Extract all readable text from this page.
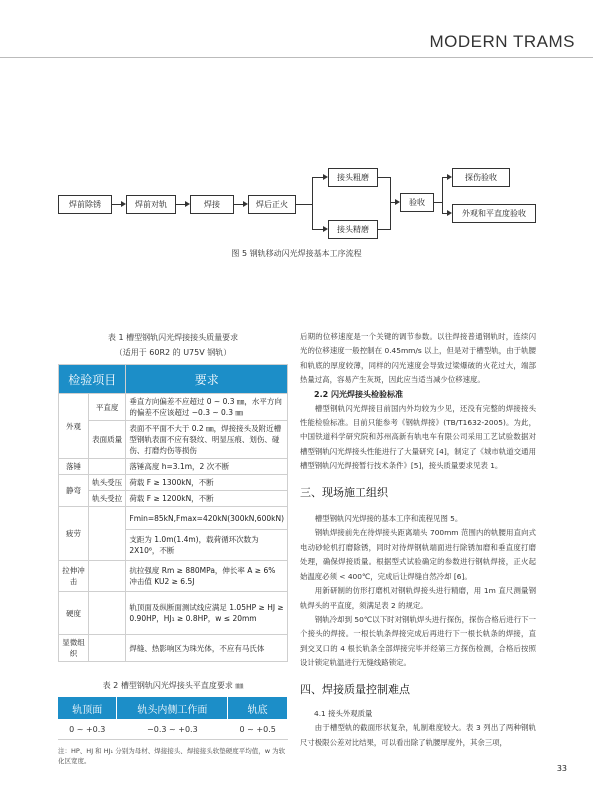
MODERN TRAMS
焊前除锈	焊前对轨	焊接	焊后正火
接头粗磨
接头精磨
验收
探伤验收
外观和平直度验收
图 5 钢轨移动闪光焊接基本工序流程
表 1 槽型钢轨闪光焊接接头质量要求
（适用于 60R2 的 U75V 钢轨）
检验项目		要求
外观	平直度	垂直方向偏差不应超过 0 ~ 0.3 ㎜，水平方向的偏差不应该超过 −0.3 ~ 0.3 ㎜
	表面质量	表面不平面不大于 0.2 ㎜，焊接接头及附近槽型钢轨表面不应有裂纹、明显压痕、划伤、碰伤、打磨灼伤等损伤
落锤		落锤高度 h=3.1m，2 次不断
静弯	轨头受压	荷载 F ≥ 1300kN，不断
	轨头受拉	荷载 F ≥ 1200kN，不断
疲劳		Fmin=85kN,Fmax=420kN(300kN,600kN)
		支距为 1.0m(1.4m)，载荷循环次数为 2X10⁶，不断
拉伸冲击		抗拉强度 Rm ≥ 880MPa，伸长率 A ≥ 6% 冲击值 KU2 ≥ 6.5J
硬度		轨顶面及纵断面测试线应满足 1.05HP ≥ HJ ≥ 0.90HP，HJ₁ ≥ 0.8HP，w ≤ 20mm
显微组织		焊缝、热影响区为珠光体，不应有马氏体
表 2 槽型钢轨闪光焊接头平直度要求 ㎜
轨顶面	轨头内侧工作面	轨底
0 ~ +0.3	−0.3 ~ +0.3	0 ~ +0.5
注：HP、HJ 和 HJ₁ 分别为母材、焊接接头、焊接接头软垫硬度平均值，w 为软化区宽度。

后期的位移速度是一个关键的调节参数。以往焊接普通钢轨时，连续闪光的位移速度一般控制在 0.45mm/s 以上，但是对于槽型轨，由于轨腰和轨底的厚度较薄，同样的闪光速度会导致过梁爆破的火花过大，端部热量过高，容易产生灰斑，因此应当适当减少位移速度。

2.2 闪光焊接头检验标准

槽型钢轨闪光焊接目前国内外均较为少见，还没有完整的焊接接头性能检验标准。目前只能参考《钢轨焊接》(TB/T1632-2005)。为此，中国铁道科学研究院和苏州高新有轨电车有限公司采用工艺试验数据对槽型钢轨闪光焊接头性能进行了大量研究 [4]，制定了《城市轨道交通用槽型钢轨闪光焊接暂行技术条件》[5]，接头质量要求见表 1。

三、现场施工组织

槽型钢轨闪光焊接的基本工序和流程见图 5。

钢轨焊接前先在待焊接头距离端头 700mm 范围内的轨腰用直向式电动砂轮机打磨除锈，同时对待焊钢轨端面进行除锈加磨和垂直度打磨处理，确保焊接质量。根据型式试验确定的参数进行钢轨焊接，正火起始温度必须 < 400℃，完成后让焊缝自然冷却 [6]。

用新研制的仿形打磨机对钢轨焊接头进行精磨，用 1m 直尺测量钢轨焊头的平直度，须满足表 2 的规定。

钢轨冷却到 50℃以下时对钢轨焊头进行探伤，探伤合格后进行下一个接头的焊接。一根长轨条焊接完成后再进行下一根长轨条的焊接，直到交叉口的 4 根长轨条全部焊接完毕并经第三方探伤检测，合格后按照设计锁定轨温进行无缝线路锁定。

四、焊接质量控制难点
4.1 接头外观质量

由于槽型轨的截面形状复杂，轧制难度较大。表 3 列出了两种钢轨尺寸极限公差对比结果，可以看出除了轨腰厚度外，其余三项，

33
